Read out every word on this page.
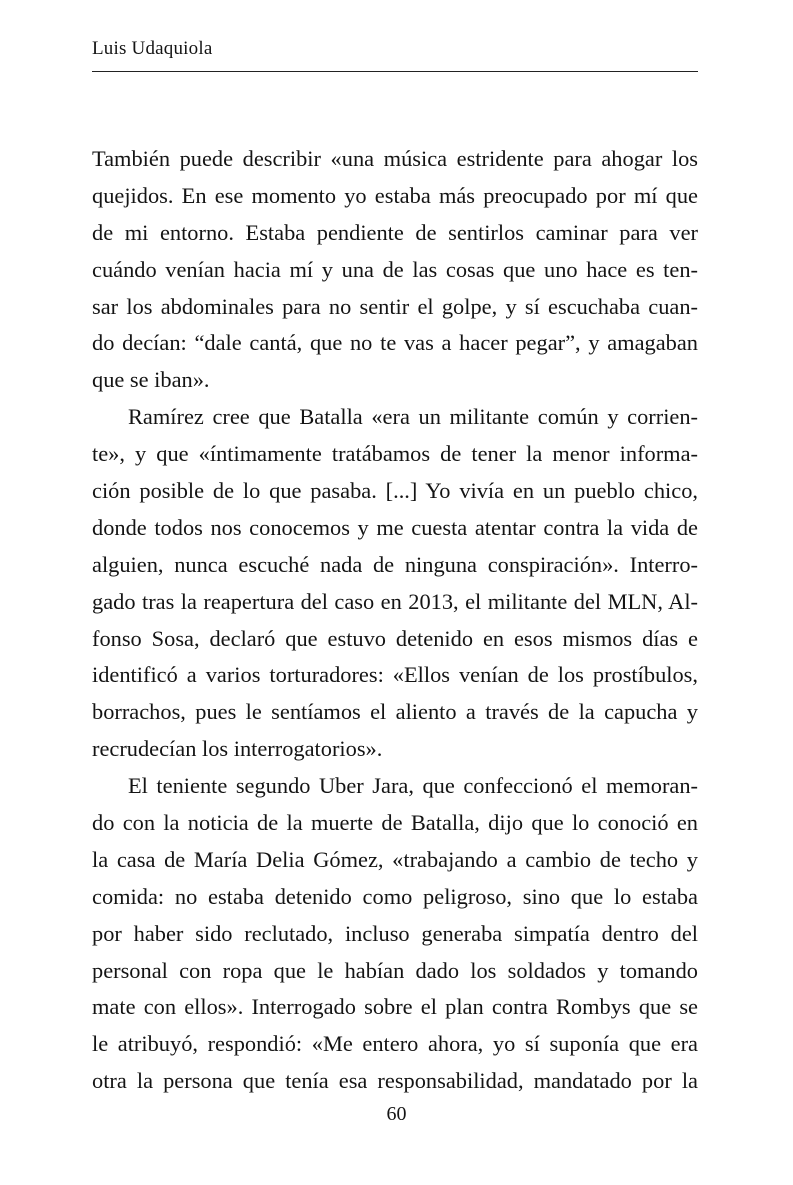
Luis Udaquiola
También puede describir «una música estridente para ahogar los
quejidos. En ese momento yo estaba más preocupado por mí que
de mi entorno. Estaba pendiente de sentirlos caminar para ver
cuándo venían hacia mí y una de las cosas que uno hace es ten-
sar los abdominales para no sentir el golpe, y sí escuchaba cuan-
do decían: “dale cantá, que no te vas a hacer pegar”, y amagaban
que se iban».
Ramírez cree que Batalla «era un militante común y corrien-
te», y que «íntimamente tratábamos de tener la menor informa-
ción posible de lo que pasaba. [...] Yo vivía en un pueblo chico,
donde todos nos conocemos y me cuesta atentar contra la vida de
alguien, nunca escuché nada de ninguna conspiración». Interro-
gado tras la reapertura del caso en 2013, el militante del MLN, Al-
fonso Sosa, declaró que estuvo detenido en esos mismos días e
identificó a varios torturadores: «Ellos venían de los prostíbulos,
borrachos, pues le sentíamos el aliento a través de la capucha y
recrudecían los interrogatorios».
El teniente segundo Uber Jara, que confeccionó el memoran-
do con la noticia de la muerte de Batalla, dijo que lo conoció en
la casa de María Delia Gómez, «trabajando a cambio de techo y
comida: no estaba detenido como peligroso, sino que lo estaba
por haber sido reclutado, incluso generaba simpatía dentro del
personal con ropa que le habían dado los soldados y tomando
mate con ellos». Interrogado sobre el plan contra Rombys que se
le atribuyó, respondió: «Me entero ahora, yo sí suponía que era
otra la persona que tenía esa responsabilidad, mandatado por la
60
